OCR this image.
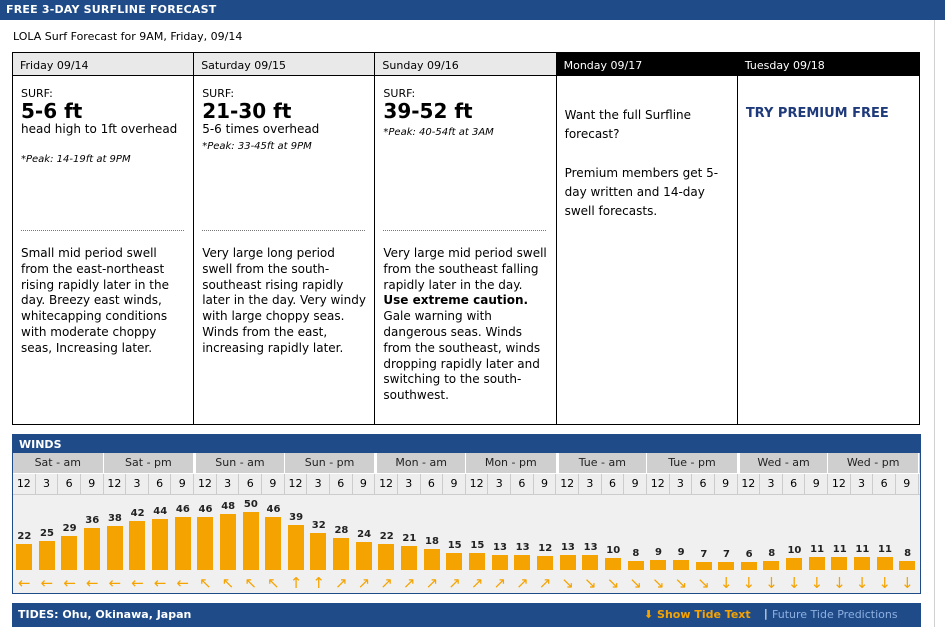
FREE 3-DAY SURFLINE FORECAST
LOLA Surf Forecast for 9AM, Friday, 09/14
Friday 09/14
SURF:
5-6 ft
head high to 1ft overhead
*Peak: 14-19ft at 9PM
Small mid period swell from the east-northeast rising rapidly later in the day. Breezy east winds, whitecapping conditions with moderate choppy seas, Increasing later.
Saturday 09/15
SURF:
21-30 ft
5-6 times overhead
*Peak: 33-45ft at 9PM
Very large long period swell from the south-southeast rising rapidly later in the day. Very windy with large choppy seas. Winds from the east, increasing rapidly later.
Sunday 09/16
SURF:
39-52 ft
*Peak: 40-54ft at 3AM
Very large mid period swell from the southeast falling rapidly later in the day. Use extreme caution. Gale warning with dangerous seas. Winds from the southeast, winds dropping rapidly later and switching to the south-southwest.
Monday 09/17

Want the full Surfline forecast?

Premium members get 5-day written and 14-day swell forecasts.

Tuesday 09/18
TRY PREMIUM FREE
WINDS
Sat - am	Sat - pm	Sun - am	Sun - pm	Mon - am	Mon - pm	Tue - am	Tue - pm	Wed - am	Wed - pm
12	3	6	9	12	3	6	9	12	3	6	9	12	3	6	9	12	3	6	9	12	3	6	9	12	3	6	9	12	3	6	9	12	3	6	9	12	3	6	9
22 25 29
36 38 42 44 46 46 48 50 46
39
32 28 24 22 21 18 15 15 13 13 12 13 13 10	8	9	9	7	7	6	8	10 11 11 11 11	8
← ← ← ← ← ← ← ← ↖ ↖ ↖ ↖ ↑ ↑ ↗ ↗ ↗ ↗ ↗ ↗ ↗ ↗ ↗ ↗ ↘ ↘ ↘ ↘ ↘ ↘ ↘ ↓ ↓ ↓ ↓ ↓ ↓ ↓ ↓ ↓
TIDES: Ohu, Okinawa, Japan	⬇ Show Tide Text | Future Tide Predictions
